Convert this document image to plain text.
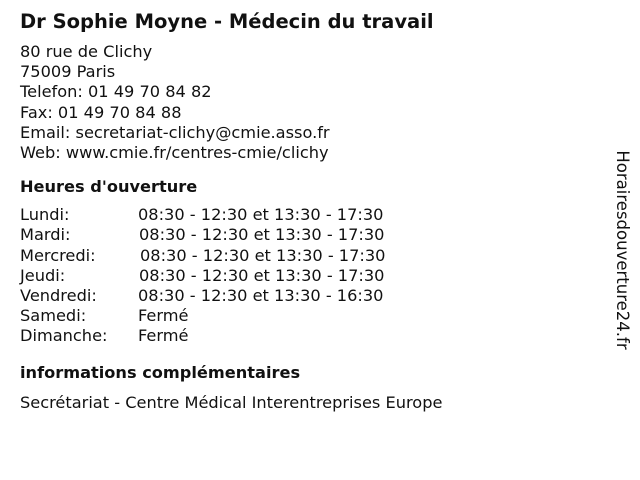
Dr Sophie Moyne - Médecin du travail
80 rue de Clichy
75009 Paris
Telefon: 01 49 70 84 82
Fax: 01 49 70 84 88
Email: secretariat-clichy@cmie.asso.fr
Web: www.cmie.fr/centres-cmie/clichy
Heures d'ouverture
Lundi:	08:30 - 12:30 et 13:30 - 17:30
Mardi:	08:30 - 12:30 et 13:30 - 17:30
Mercredi:	08:30 - 12:30 et 13:30 - 17:30
Jeudi:	08:30 - 12:30 et 13:30 - 17:30
Vendredi:	08:30 - 12:30 et 13:30 - 16:30
Samedi:	Fermé
Dimanche: Fermé
informations complémentaires
Secrétariat - Centre Médical Interentreprises Europe
Horairesdouverture24.fr
